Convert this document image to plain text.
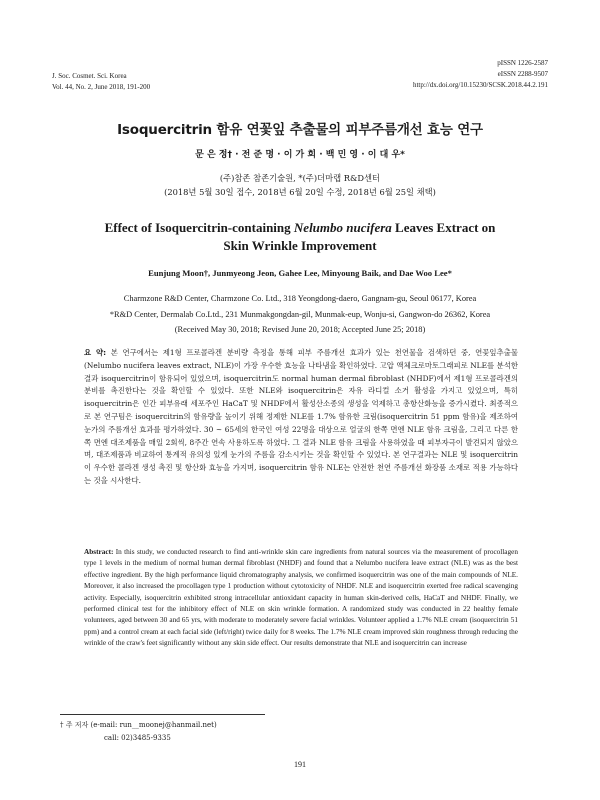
J. Soc. Cosmet. Sci. Korea
Vol. 44, No. 2, June 2018, 191-200
pISSN 1226-2587
eISSN 2288-9507
http://dx.doi.org/10.15230/SCSK.2018.44.2.191
Isoquercitrin 함유 연꽃잎 추출물의 피부주름개선 효능 연구
문 은 정† · 전 준 명 · 이 가 희 · 백 민 영 · 이 대 우*
(주)참존 참존기술원, *(주)더마랩 R&D센터
(2018년 5월 30일 접수, 2018년 6월 20일 수정, 2018년 6월 25일 채택)
Effect of Isoquercitrin-containing Nelumbo nucifera Leaves Extract on
Skin Wrinkle Improvement
Eunjung Moon†, Junmyeong Jeon, Gahee Lee, Minyoung Baik, and Dae Woo Lee*
Charmzone R&D Center, Charmzone Co. Ltd., 318 Yeongdong-daero, Gangnam-gu, Seoul 06177, Korea
*R&D Center, Dermalab Co.Ltd., 231 Munmakgongdan-gil, Munmak-eup, Wonju-si, Gangwon-do 26362, Korea
(Received May 30, 2018; Revised June 20, 2018; Accepted June 25; 2018)
요 약: 본 연구에서는 제1형 프로콜라겐 분비량 측정을 통해 피부 주름개선 효과가 있는 천연물을 검색하던 중, 연꽃잎추출물(Nelumbo nucifera leaves extract, NLE)이 가장 우수한 효능을 나타냄을 확인하였다. 고압 액체크로마토그래피로 NLE를 분석한 결과 isoquercitrin이 함유되어 있었으며, isoquercitrin도 normal human dermal fibroblast (NHDF)에서 제1형 프로콜라겐의 분비를 촉진한다는 것을 확인할 수 있었다. 또한 NLE와 isoquercitrin은 자유 라디컬 소거 활성을 가지고 있었으며, 특히 isoquercitrin은 인간 피부유래 세포주인 HaCaT 및 NHDF에서 활성산소종의 생성을 억제하고 총항산화능을 증가시켰다. 최종적으로 본 연구팀은 isoquercitrin의 함유량을 높이기 위해 정제한 NLE를 1.7% 함유한 크림(isoquercitrin 51 ppm 함유)을 제조하여 눈가의 주름개선 효과를 평가하였다. 30 ~ 65세의 한국인 여성 22명을 대상으로 얼굴의 한쪽 면엔 NLE 함유 크림을, 그리고 다른 한쪽 면엔 대조제품을 매일 2회씩, 8주간 연속 사용하도록 하였다. 그 결과 NLE 함유 크림을 사용하였을 때 피부자극이 발견되지 않았으며, 대조제품과 비교하여 통계적 유의성 있게 눈가의 주름을 감소시키는 것을 확인할 수 있었다. 본 연구결과는 NLE 및 isoquercitrin이 우수한 콜라겐 생성 촉진 및 항산화 효능을 가지며, isoquercitrin 함유 NLE는 안전한 천연 주름개선 화장품 소재로 적용 가능하다는 것을 시사한다.
Abstract: In this study, we conducted research to find anti-wrinkle skin care ingredients from natural sources via the measurement of procollagen type 1 levels in the medium of normal human dermal fibroblast (NHDF) and found that a Nelumbo nucifera leave extract (NLE) was as the best effective ingredient. By the high performance liquid chromatography analysis, we confirmed isoquercitrin was one of the main compounds of NLE. Moreover, it also increased the procollagen type 1 production without cytotoxicity of NHDF. NLE and isoquercitrin exerted free radical scavenging activity. Especially, isoquercitrin exhibited strong intracellular antioxidant capacity in human skin-derived cells, HaCaT and NHDF. Finally, we performed clinical test for the inhibitory effect of NLE on skin wrinkle formation. A randomized study was conducted in 22 healthy female volunteers, aged between 30 and 65 yrs, with moderate to moderately severe facial wrinkles. Volunteer applied a 1.7% NLE cream (isoquercitrin 51 ppm) and a control cream at each facial side (left/right) twice daily for 8 weeks. The 1.7% NLE cream improved skin roughness through reducing the wrinkle of the craw's feet significantly without any skin side effect. Our results demonstrate that NLE and isoquercitrin can increase
† 주 저자 (e-mail: run__moonej@hanmail.net)
call: 02)3485-9335
191
